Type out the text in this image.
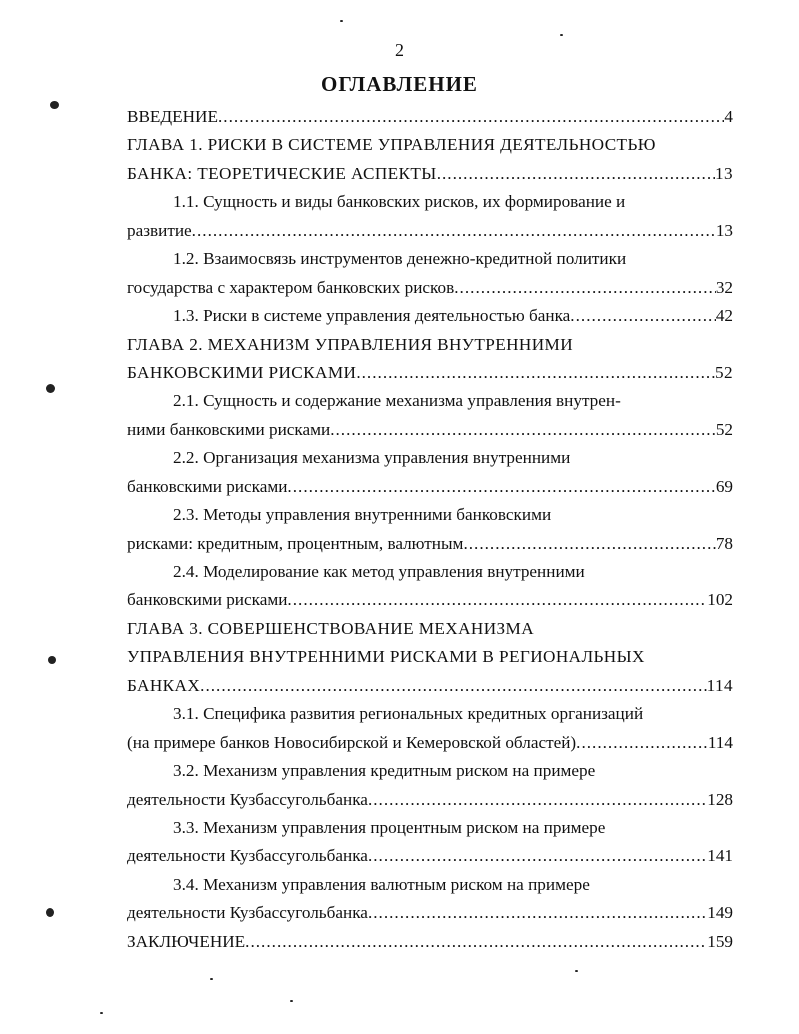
2
ОГЛАВЛЕНИЕ
ВВЕДЕНИЕ .....	4
ГЛАВА 1. РИСКИ В СИСТЕМЕ УПРАВЛЕНИЯ ДЕЯТЕЛЬНОСТЬЮ
БАНКА: ТЕОРЕТИЧЕСКИЕ АСПЕКТЫ .....	13
1.1. Сущность и виды банковских рисков, их формирование и
развитие .....	13
1.2. Взаимосвязь инструментов денежно-кредитной политики
государства с характером банковских рисков .....	32
1.3. Риски в системе управления деятельностью банка .....	42
ГЛАВА 2. МЕХАНИЗМ УПРАВЛЕНИЯ ВНУТРЕННИМИ
БАНКОВСКИМИ РИСКАМИ .....	52
2.1. Сущность и содержание механизма управления внутрен-
ними банковскими рисками .....	52
2.2. Организация механизма управления внутренними
банковскими рисками .....	69
2.3. Методы управления внутренними банковскими
рисками: кредитным, процентным, валютным .....	78
2.4. Моделирование как метод управления внутренними
банковскими рисками .....	102
ГЛАВА 3. СОВЕРШЕНСТВОВАНИЕ МЕХАНИЗМА
УПРАВЛЕНИЯ ВНУТРЕННИМИ РИСКАМИ В РЕГИОНАЛЬНЫХ
БАНКАХ .....	114
3.1. Специфика развития региональных кредитных организаций
(на примере банков Новосибирской и Кемеровской областей) .....	114
3.2. Механизм управления кредитным риском на примере
деятельности Кузбассугольбанка .....	128
3.3. Механизм управления процентным риском на примере
деятельности Кузбассугольбанка .....	141
3.4. Механизм управления валютным риском на примере
деятельности Кузбассугольбанка .....	149
ЗАКЛЮЧЕНИЕ .....	159
